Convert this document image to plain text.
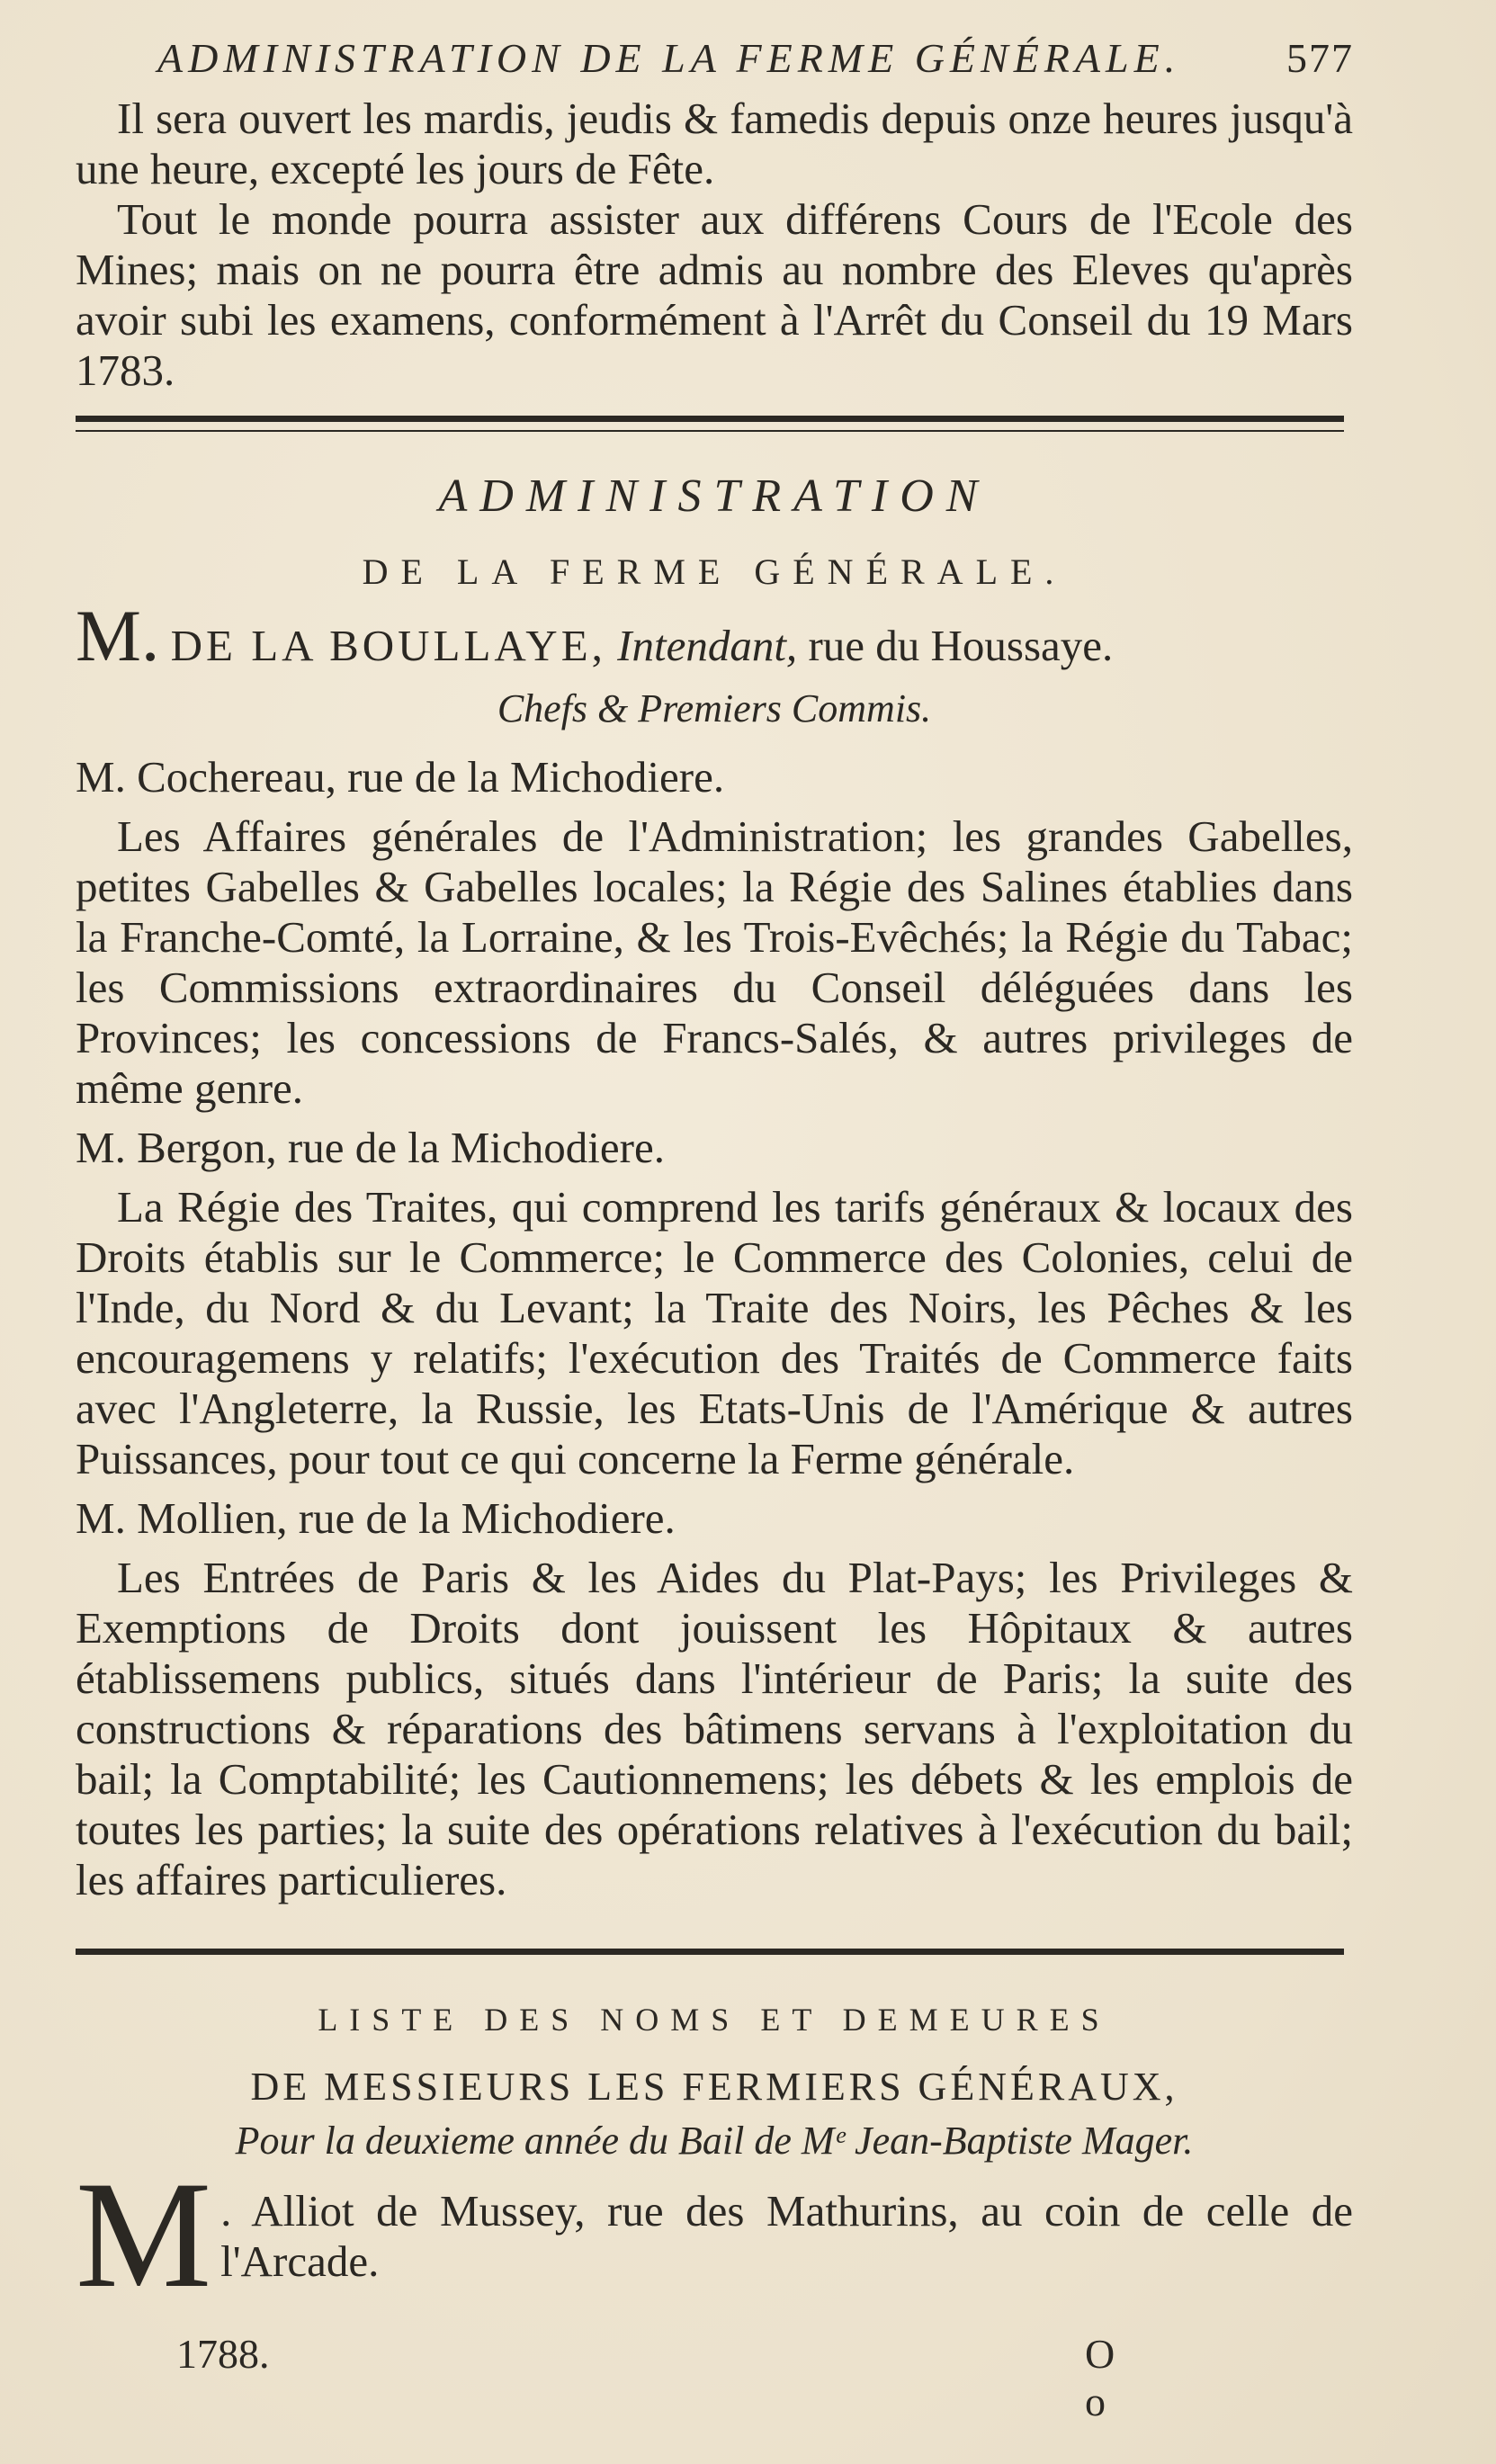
ADMINISTRATION DE LA FERME GÉNÉRALE.	577

Il sera ouvert les mardis, jeudis & famedis depuis onze heures jusqu'à une heure, excepté les jours de Fête.

Tout le monde pourra assister aux différens Cours de l'Ecole des Mines; mais on ne pourra être admis au nombre des Eleves qu'après avoir subi les examens, conformément à l'Arrêt du Conseil du 19 Mars 1783.

ADMINISTRATION
DE LA FERME GÉNÉRALE.
M. DE LA BOULLAYE, Intendant, rue du Houssaye.
Chefs & Premiers Commis.

M. Cochereau, rue de la Michodiere.

Les Affaires générales de l'Administration; les grandes Gabelles, petites Gabelles & Gabelles locales; la Régie des Salines établies dans la Franche-Comté, la Lorraine, & les Trois-Evêchés; la Régie du Tabac; les Commissions extraordinaires du Conseil déléguées dans les Provinces; les concessions de Francs-Salés, & autres privileges de même genre.

M. Bergon, rue de la Michodiere.

La Régie des Traites, qui comprend les tarifs généraux & locaux des Droits établis sur le Commerce; le Commerce des Colonies, celui de l'Inde, du Nord & du Levant; la Traite des Noirs, les Pêches & les encouragemens y relatifs; l'exécution des Traités de Commerce faits avec l'Angleterre, la Russie, les Etats-Unis de l'Amérique & autres Puissances, pour tout ce qui concerne la Ferme générale.

M. Mollien, rue de la Michodiere.

Les Entrées de Paris & les Aides du Plat-Pays; les Privileges & Exemptions de Droits dont jouissent les Hôpitaux & autres établissemens publics, situés dans l'intérieur de Paris; la suite des constructions & réparations des bâtimens servans à l'exploitation du bail; la Comptabilité; les Cautionnemens; les débets & les emplois de toutes les parties; la suite des opérations relatives à l'exécution du bail; les affaires particulieres.

LISTE DES NOMS ET DEMEURES
DE MESSIEURS LES FERMIERS GÉNÉRAUX,
Pour la deuxieme année du Bail de Mᵉ Jean-Baptiste Mager.
M . Alliot de Mussey, rue des Mathurins, au coin de celle de l'Arcade.
1788.	O o
